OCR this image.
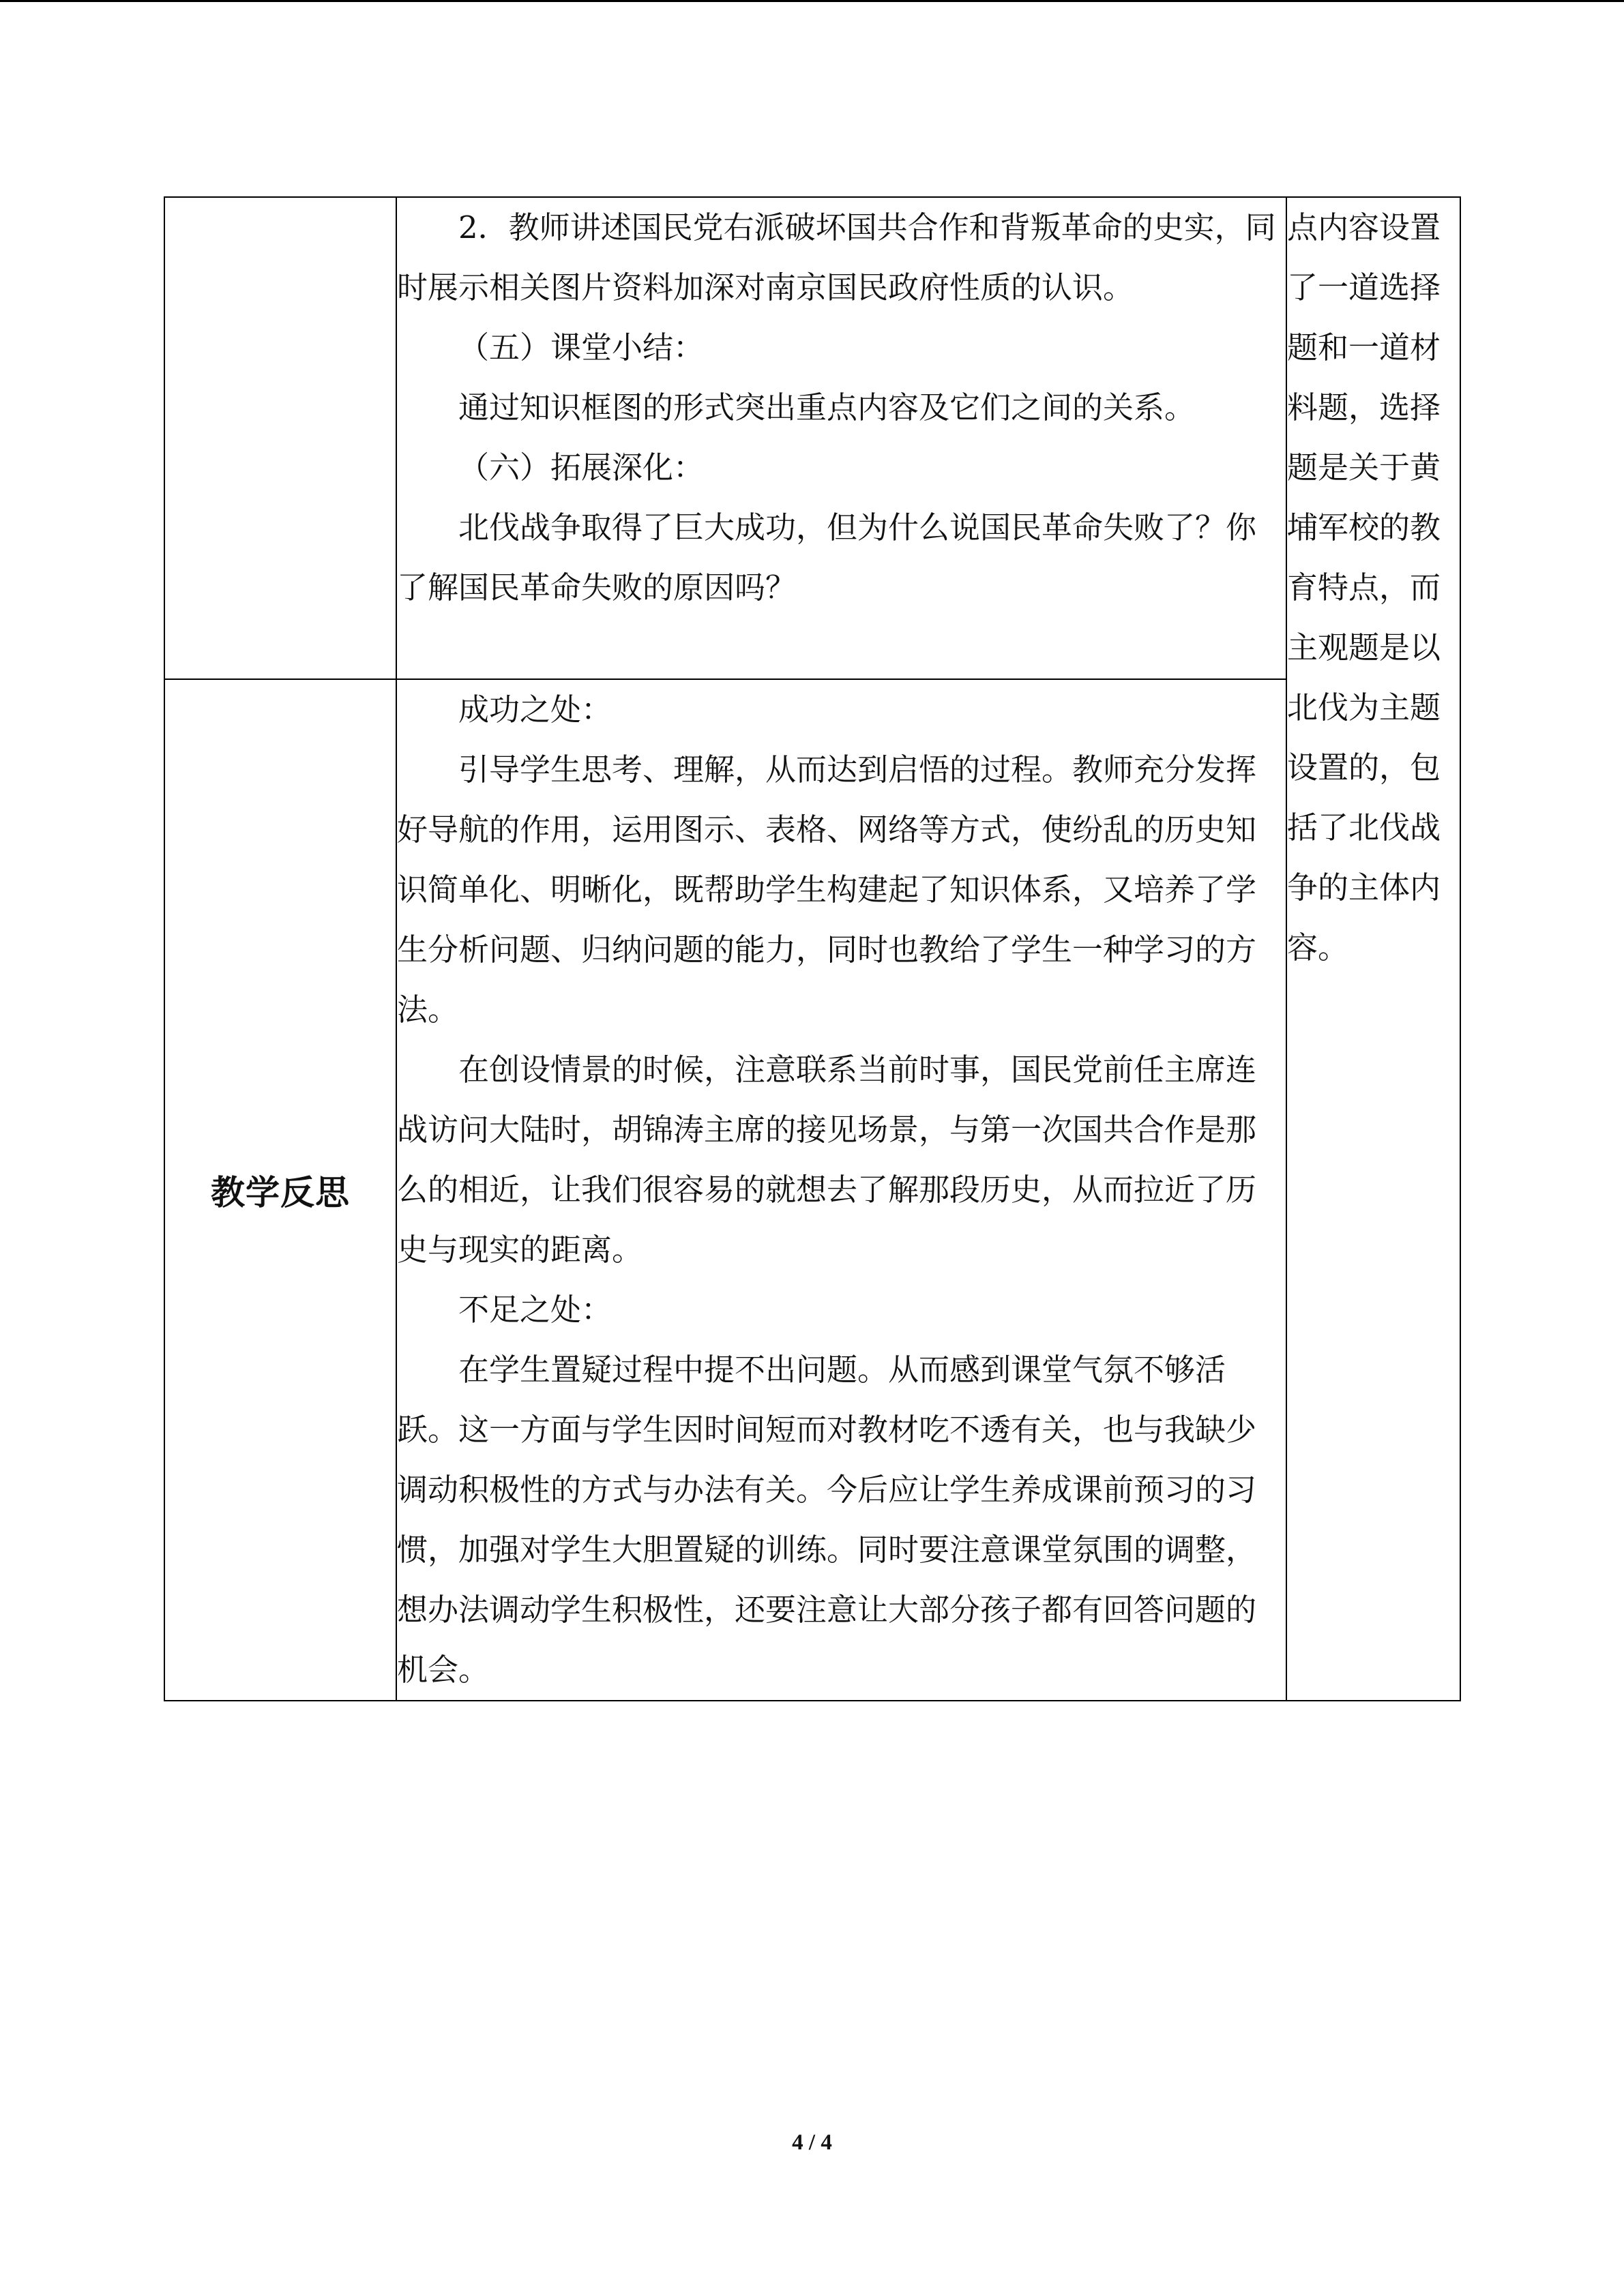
	2．教师讲述国民党右派破坏国共合作和背叛革命的史实，同时展示相关图片资料加深对南京国民政府性质的认识。

（五）课堂小结：

通过知识框图的形式突出重点内容及它们之间的关系。

（六）拓展深化：

北伐战争取得了巨大成功，但为什么说国民革命失败了？你了解国民革命失败的原因吗？	点内容设置了一道选择题和一道材料题，选择题是关于黄埔军校的教育特点，而主观题是以北伐为主题设置的，包括了北伐战争的主体内容。

教学反思	成功之处：

引导学生思考、理解，从而达到启悟的过程。教师充分发挥好导航的作用，运用图示、表格、网络等方式，使纷乱的历史知识简单化、明晰化，既帮助学生构建起了知识体系，又培养了学生分析问题、归纳问题的能力，同时也教给了学生一种学习的方法。

在创设情景的时候，注意联系当前时事，国民党前任主席连战访问大陆时，胡锦涛主席的接见场景，与第一次国共合作是那么的相近，让我们很容易的就想去了解那段历史，从而拉近了历史与现实的距离。

不足之处：

在学生置疑过程中提不出问题。从而感到课堂气氛不够活跃。这一方面与学生因时间短而对教材吃不透有关，也与我缺少调动积极性的方式与办法有关。今后应让学生养成课前预习的习惯，加强对学生大胆置疑的训练。同时要注意课堂氛围的调整，想办法调动学生积极性，还要注意让大部分孩子都有回答问题的机会。	

4 / 4
